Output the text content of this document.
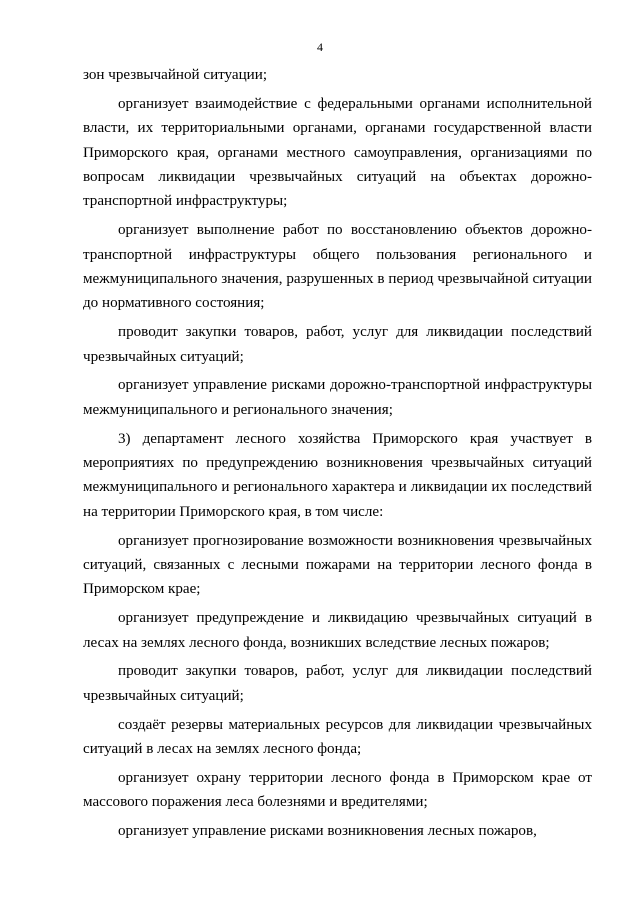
4

зон чрезвычайной ситуации;

организует взаимодействие с федеральными органами исполнительной власти, их территориальными органами, органами государственной власти Приморского края, органами местного самоуправления, организациями по вопросам ликвидации чрезвычайных ситуаций на объектах дорожно-транспортной инфраструктуры;

организует выполнение работ по восстановлению объектов дорожно-транспортной инфраструктуры общего пользования регионального и межмуниципального значения, разрушенных в период чрезвычайной ситуации до нормативного состояния;

проводит закупки товаров, работ, услуг для ликвидации последствий чрезвычайных ситуаций;

организует управление рисками дорожно-транспортной инфраструктуры межмуниципального и регионального значения;

3) департамент лесного хозяйства Приморского края участвует в мероприятиях по предупреждению возникновения чрезвычайных ситуаций межмуниципального и регионального характера и ликвидации их последствий на территории Приморского края, в том числе:

организует прогнозирование возможности возникновения чрезвычайных ситуаций, связанных с лесными пожарами на территории лесного фонда в Приморском крае;

организует предупреждение и ликвидацию чрезвычайных ситуаций в лесах на землях лесного фонда, возникших вследствие лесных пожаров;

проводит закупки товаров, работ, услуг для ликвидации последствий чрезвычайных ситуаций;

создаёт резервы материальных ресурсов для ликвидации чрезвычайных ситуаций в лесах на землях лесного фонда;

организует охрану территории лесного фонда в Приморском крае от массового поражения леса болезнями и вредителями;

организует управление рисками возникновения лесных пожаров,
